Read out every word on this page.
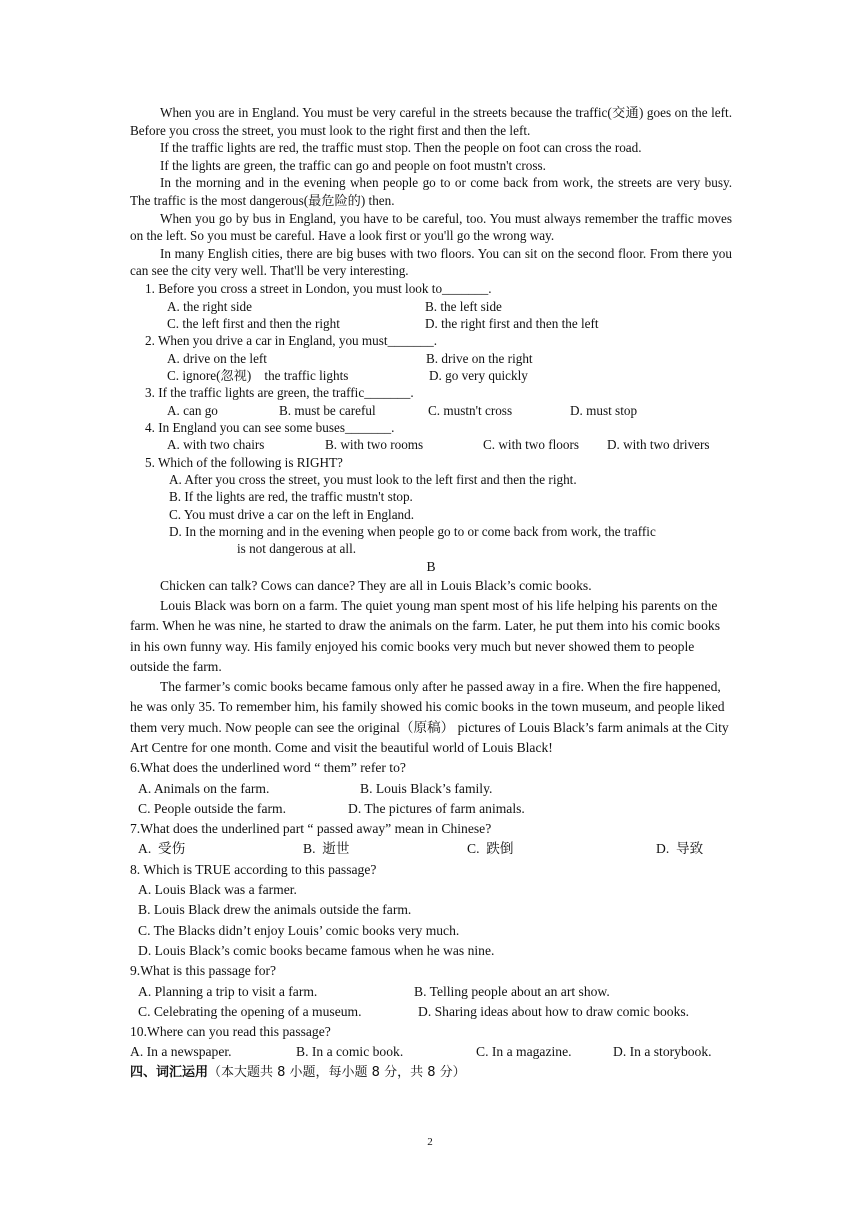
When you are in England. You must be very careful in the streets because the traffic(交通) goes on the left. Before you cross the street, you must look to the right first and then the left.

If the traffic lights are red, the traffic must stop. Then the people on foot can cross the road.

If the lights are green, the traffic can go and people on foot mustn't cross.

In the morning and in the evening when people go to or come back from work, the streets are very busy. The traffic is the most dangerous(最危险的) then.

When you go by bus in England, you have to be careful, too. You must always remember the traffic moves on the left. So you must be careful. Have a look first or you'll go the wrong way.

In many English cities, there are big buses with two floors. You can sit on the second floor. From there you can see the city very well. That'll be very interesting.

1. Before you cross a street in London, you must look to_______.

A. the right side	B. the left side
C. the left first and then the right	D. the right first and then the left

2. When you drive a car in England, you must_______.

A. drive on the left	B. drive on the right
C. ignore(忽视)    the traffic lights	D. go very quickly

3. If the traffic lights are green, the traffic_______.

A. can go	B. must be careful	C. mustn't cross	D. must stop

4. In England you can see some buses_______.

A. with two chairs	B. with two rooms	C. with two floors	D. with two drivers

5. Which of the following is RIGHT?

A. After you cross the street, you must look to the left first and then the right.

B. If the lights are red, the traffic mustn't stop.

C. You must drive a car on the left in England.

D. In the morning and in the evening when people go to or come back from work, the traffic
is not dangerous at all.

B

Chicken can talk? Cows can dance? They are all in Louis Black’s comic books.

Louis Black was born on a farm. The quiet young man spent most of his life helping his parents on the farm. When he was nine, he started to draw the animals on the farm. Later, he put them into his comic books in his own funny way. His family enjoyed his comic books very much but never showed them to people outside the farm.

The farmer’s comic books became famous only after he passed away in a fire. When the fire happened, he was only 35. To remember him, his family showed his comic books in the town museum, and people liked them very much. Now people can see the original（原稿） pictures of Louis Black’s farm animals at the City Art Centre for one month. Come and visit the beautiful world of Louis Black!

6.What does the underlined word “ them” refer to?

A. Animals on the farm.	B. Louis Black’s family.
C. People outside the farm.	D. The pictures of farm animals.

7.What does the underlined part “ passed away” mean in Chinese?

A.  受伤	B.  逝世	C.  跌倒	D.  导致

8. Which is TRUE according to this passage?

A. Louis Black was a farmer.

B. Louis Black drew the animals outside the farm.

C. The Blacks didn’t enjoy Louis’ comic books very much.

D. Louis Black’s comic books became famous when he was nine.

9.What is this passage for?

A. Planning a trip to visit a farm.	B. Telling people about an art show.
C. Celebrating the opening of a museum.	D. Sharing ideas about how to draw comic books.

10.Where can you read this passage?

A. In a newspaper.	B. In a comic book.	C. In a magazine.	D. In a storybook.

四、词汇运用（本大题共 8 小题，每小题 8 分，共 8 分）

2
